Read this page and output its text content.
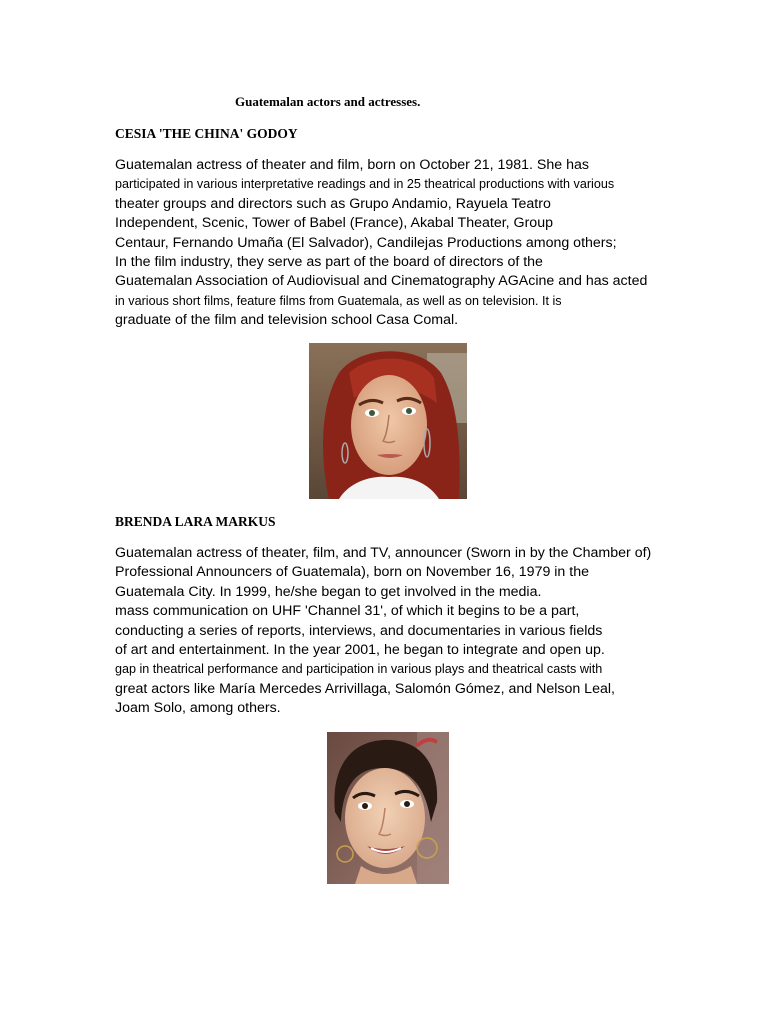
Guatemalan actors and actresses.
CESIA 'THE CHINA' GODOY
Guatemalan actress of theater and film, born on October 21, 1981. She has
participated in various interpretative readings and in 25 theatrical productions with various
theater groups and directors such as Grupo Andamio, Rayuela Teatro
Independent, Scenic, Tower of Babel (France), Akabal Theater, Group
Centaur, Fernando Umaña (El Salvador), Candilejas Productions among others;
In the film industry, they serve as part of the board of directors of the
Guatemalan Association of Audiovisual and Cinematography AGAcine and has acted
in various short films, feature films from Guatemala, as well as on television. It is
graduate of the film and television school Casa Comal.
BRENDA LARA MARKUS
Guatemalan actress of theater, film, and TV, announcer (Sworn in by the Chamber of)
Professional Announcers of Guatemala), born on November 16, 1979 in the
Guatemala City. In 1999, he/she began to get involved in the media.
mass communication on UHF 'Channel 31', of which it begins to be a part,
conducting a series of reports, interviews, and documentaries in various fields
of art and entertainment. In the year 2001, he began to integrate and open up.
gap in theatrical performance and participation in various plays and theatrical casts with
great actors like María Mercedes Arrivillaga, Salomón Gómez, and Nelson Leal,
Joam Solo, among others.
